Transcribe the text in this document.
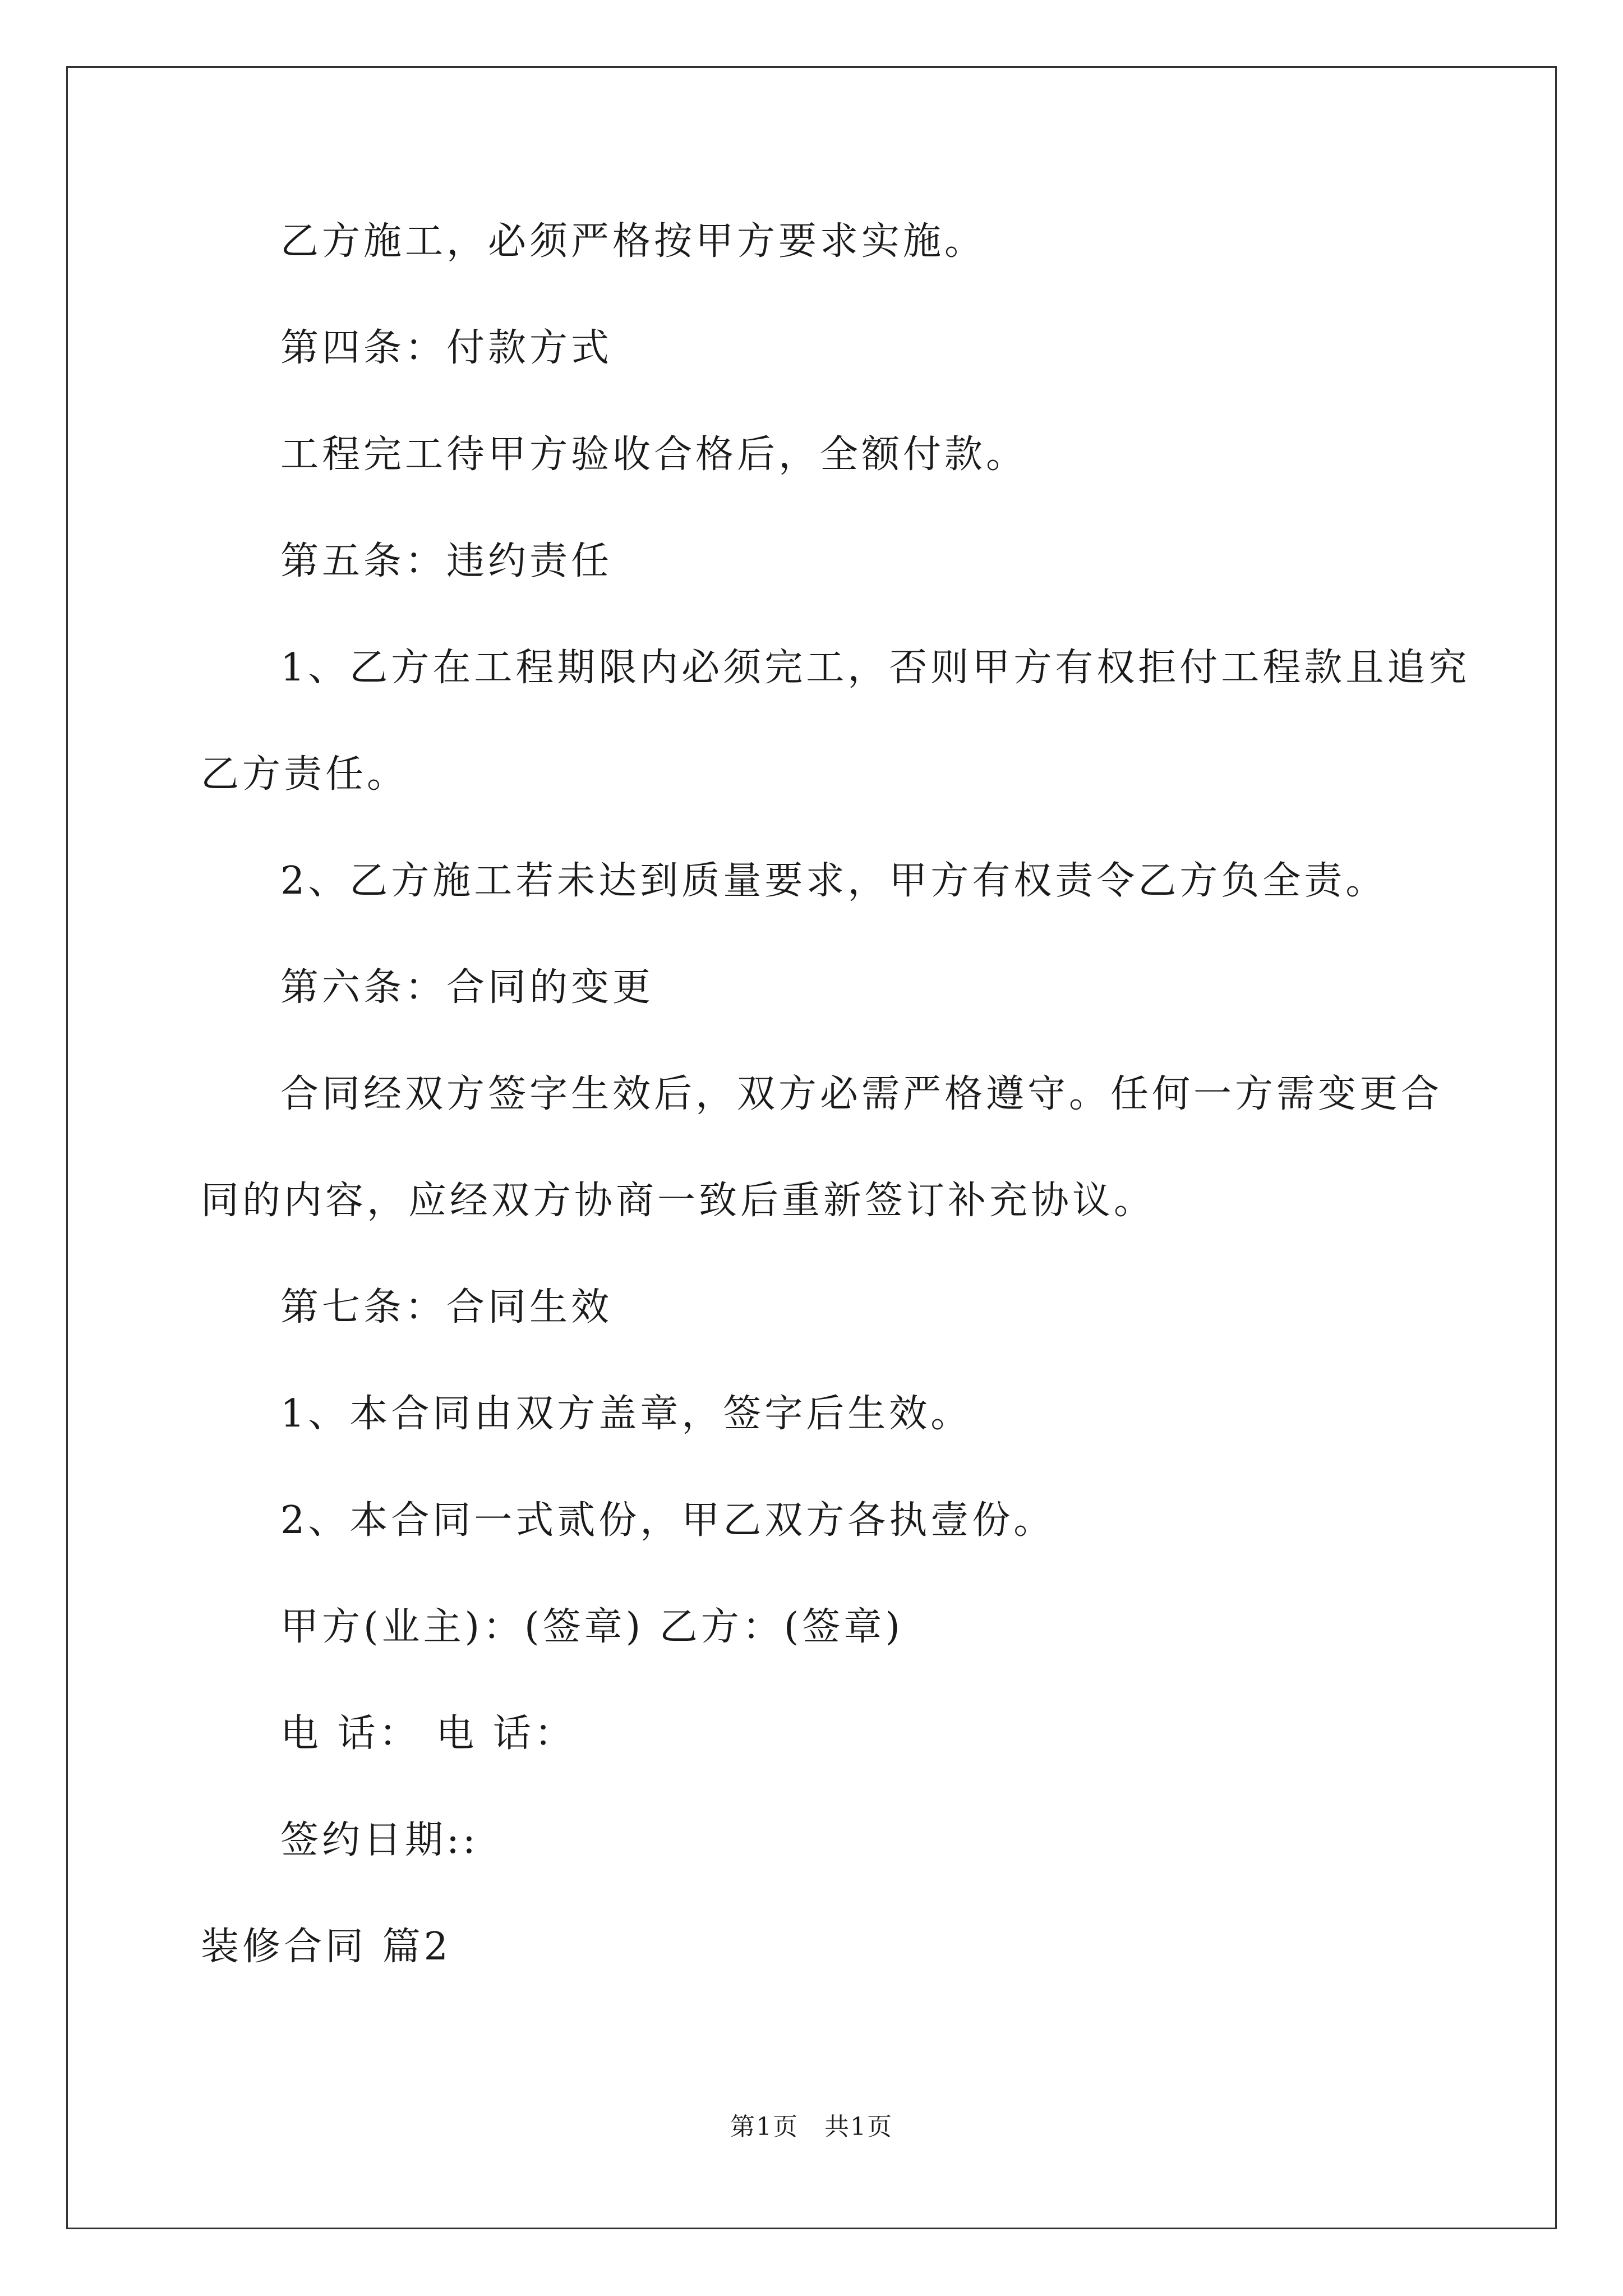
乙方施工，必须严格按甲方要求实施。
第四条：付款方式
工程完工待甲方验收合格后，全额付款。
第五条：违约责任
1、乙方在工程期限内必须完工，否则甲方有权拒付工程款且追究
乙方责任。
2、乙方施工若未达到质量要求，甲方有权责令乙方负全责。
第六条：合同的变更
合同经双方签字生效后，双方必需严格遵守。任何一方需变更合
同的内容，应经双方协商一致后重新签订补充协议。
第七条：合同生效
1、本合同由双方盖章，签字后生效。
2、本合同一式贰份，甲乙双方各执壹份。
甲方(业主)：(签章) 乙方：(签章)
电 话： 电 话：
签约日期::
装修合同 篇2
第1页　共1页
